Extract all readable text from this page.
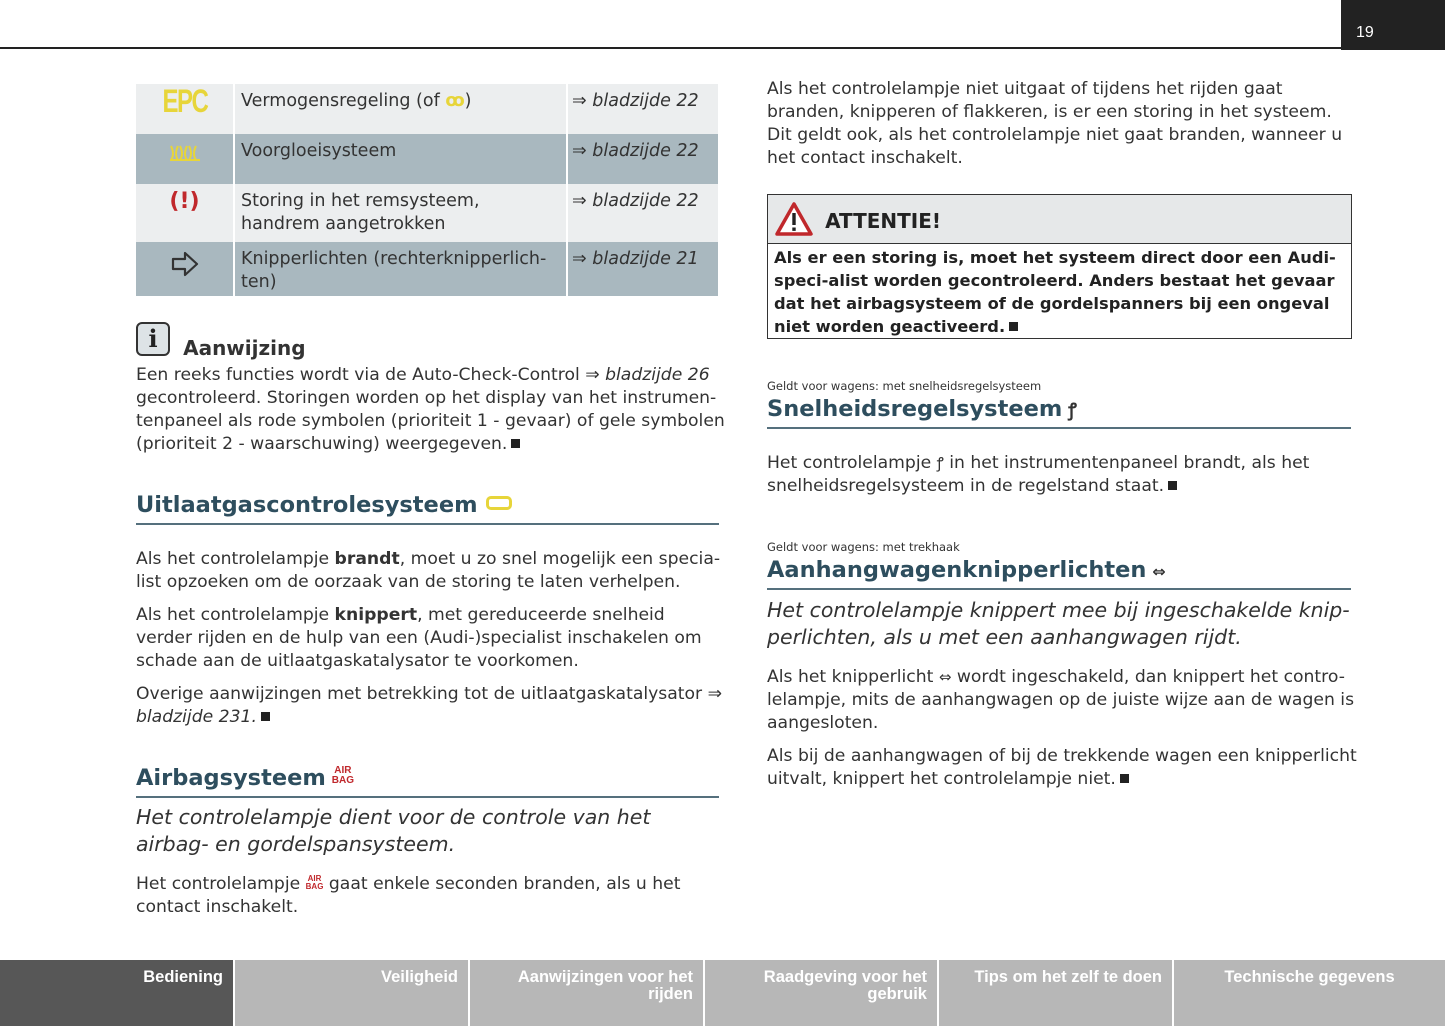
19
EPC	Vermogensregeling (of ꝏ)	⇒ bladzijde 22
	Voorgloeisysteem	⇒ bladzijde 22
(!)	Storing in het remsysteem, handrem aangetrokken	⇒ bladzijde 22
	Knipperlichten (rechterknipperlich-ten)	⇒ bladzijde 21
i Aanwijzing

Een reeks functies wordt via de Auto-Check-Control ⇒ bladzijde 26 gecontroleerd. Storingen worden op het display van het instrumen-tenpaneel als rode symbolen (prioriteit 1 - gevaar) of gele symbolen (prioriteit 2 - waarschuwing) weergegeven.

Uitlaatgascontrolesysteem

Als het controlelampje brandt, moet u zo snel mogelijk een specia-list opzoeken om de oorzaak van de storing te laten verhelpen.

Als het controlelampje knippert, met gereduceerde snelheid verder rijden en de hulp van een (Audi-)specialist inschakelen om schade aan de uitlaatgaskatalysator te voorkomen.

Overige aanwijzingen met betrekking tot de uitlaatgaskatalysator ⇒ bladzijde 231.

Airbagsysteem AIR
BAG

Het controlelampje dient voor de controle van het airbag- en gordelspansysteem.

Het controlelampje AIR
BAG gaat enkele seconden branden, als u het contact inschakelt.

Als het controlelampje niet uitgaat of tijdens het rijden gaat branden, knipperen of flakkeren, is er een storing in het systeem. Dit geldt ook, als het controlelampje niet gaat branden, wanneer u het contact inschakelt.

ATTENTIE!
Als er een storing is, moet het systeem direct door een Audi-speci-alist worden gecontroleerd. Anders bestaat het gevaar dat het airbagsysteem of de gordelspanners bij een ongeval niet worden geactiveerd.
Geldt voor wagens: met snelheidsregelsysteem
Snelheidsregelsysteem ꝭ

Het controlelampje ꝭ in het instrumentenpaneel brandt, als het snelheidsregelsysteem in de regelstand staat.

Geldt voor wagens: met trekhaak
Aanhangwagenknipperlichten ⇔

Het controlelampje knippert mee bij ingeschakelde knip-perlichten, als u met een aanhangwagen rijdt.

Als het knipperlicht ⇔ wordt ingeschakeld, dan knippert het contro-lelampje, mits de aanhangwagen op de juiste wijze aan de wagen is aangesloten.

Als bij de aanhangwagen of bij de trekkende wagen een knipperlicht uitvalt, knippert het controlelampje niet.

Bediening	Veiligheid	Aanwijzingen voor het rijden
Raadgeving voor het gebruik
Tips om het zelf te doen	Technische gegevens
